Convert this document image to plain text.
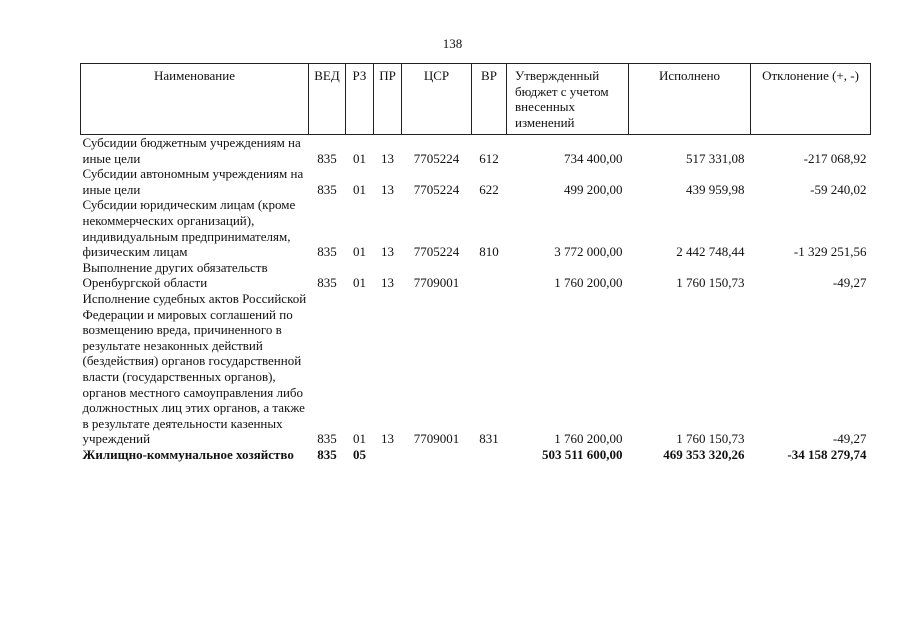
138
Наименование	ВЕД	РЗ	ПР	ЦСР	ВР	Утвержденный бюджет с учетом внесенных изменений	Исполнено	Отклонение (+, -)
Субсидии бюджетным учреждениям на иные цели	835	01	13	7705224	612	734 400,00	517 331,08	-217 068,92
Субсидии автономным учреждениям на иные цели	835	01	13	7705224	622	499 200,00	439 959,98	-59 240,02
Субсидии юридическим лицам (кроме некоммерческих организаций), индивидуальным предпринимателям, физическим лицам	835	01	13	7705224	810	3 772 000,00	2 442 748,44	-1 329 251,56
Выполнение других обязательств Оренбургской области	835	01	13	7709001		1 760 200,00	1 760 150,73	-49,27
Исполнение судебных актов Российской Федерации и мировых соглашений по возмещению вреда, причиненного в результате незаконных действий (бездействия) органов государственной власти (государственных органов), органов местного самоуправления либо должностных лиц этих органов, а также в результате деятельности казенных учреждений	835	01	13	7709001	831	1 760 200,00	1 760 150,73	-49,27
Жилищно-коммунальное хозяйство	835	05				503 511 600,00	469 353 320,26	-34 158 279,74
